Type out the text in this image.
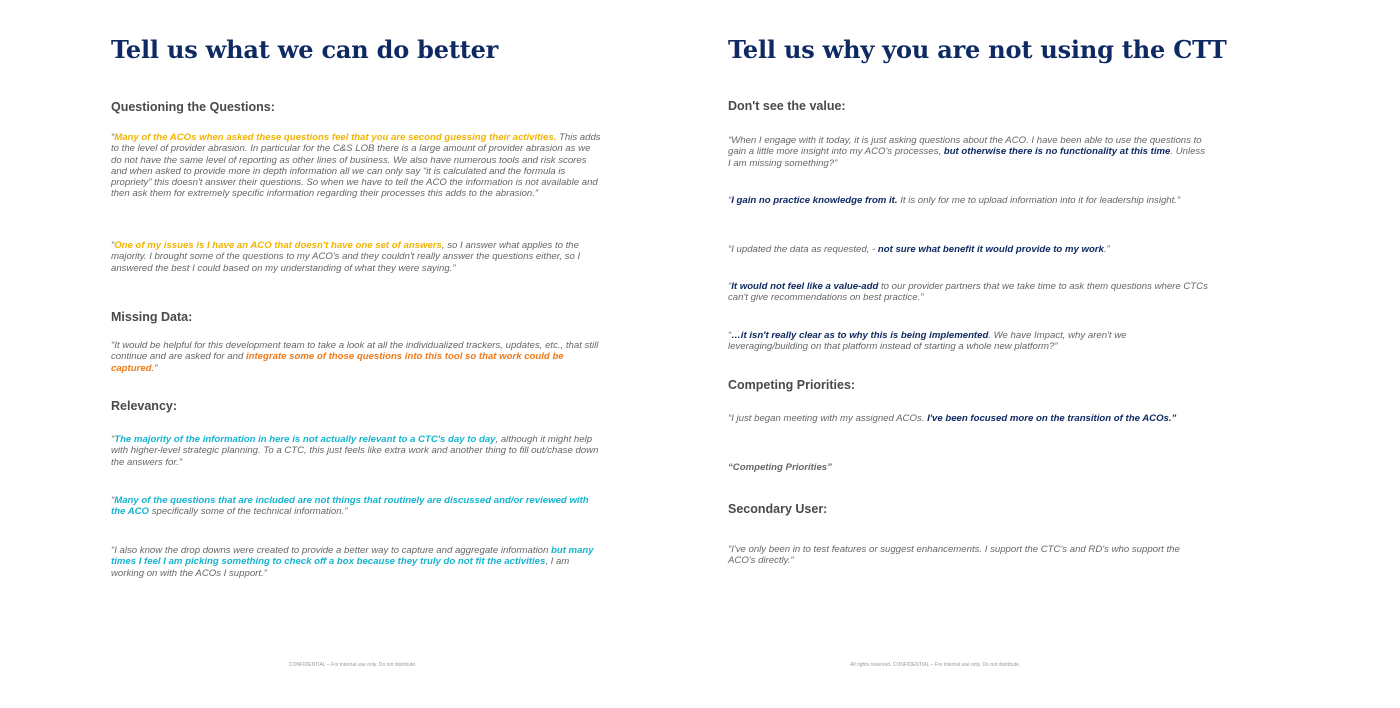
Tell us what we can do better
Questioning the Questions:

“Many of the ACOs when asked these questions feel that you are second guessing their activities. This adds to the level of provider abrasion. In particular for the C&S LOB there is a large amount of provider abrasion as we do not have the same level of reporting as other lines of business. We also have numerous tools and risk scores and when asked to provide more in depth information all we can only say “it is calculated and the formula is propriety” this doesn't answer their questions. So when we have to tell the ACO the information is not available and then ask them for extremely specific information regarding their processes this adds to the abrasion.”

“One of my issues is I have an ACO that doesn't have one set of answers, so I answer what applies to the majority. I brought some of the questions to my ACO's and they couldn't really answer the questions either, so I answered the best I could based on my understanding of what they were saying.”

Missing Data:

“It would be helpful for this development team to take a look at all the individualized trackers, updates, etc., that still continue and are asked for and integrate some of those questions into this tool so that work could be captured.”

Relevancy:

“The majority of the information in here is not actually relevant to a CTC's day to day, although it might help with higher-level strategic planning. To a CTC, this just feels like extra work and another thing to fill out/chase down the answers for.”

“Many of the questions that are included are not things that routinely are discussed and/or reviewed with the ACO specifically some of the technical information.”

“I also know the drop downs were created to provide a better way to capture and aggregate information but many times I feel I am picking something to check off a box because they truly do not fit the activities, I am working on with the ACOs I support.”

CONFIDENTIAL – For internal use only. Do not distribute.

Tell us why you are not using the CTT
Don't see the value:

“When I engage with it today, it is just asking questions about the ACO. I have been able to use the questions to gain a little more insight into my ACO's processes, but otherwise there is no functionality at this time. Unless I am missing something?”

“I gain no practice knowledge from it. It is only for me to upload information into it for leadership insight.”

“I updated the data as requested, - not sure what benefit it would provide to my work.”

“It would not feel like a value-add to our provider partners that we take time to ask them questions where CTCs can't give recommendations on best practice.”

“…it isn't really clear as to why this is being implemented. We have Impact, why aren't we leveraging/building on that platform instead of starting a whole new platform?”

Competing Priorities:

“I just began meeting with my assigned ACOs. I've been focused more on the transition of the ACOs.”

“Competing Priorities”

Secondary User:

“I've only been in to test features or suggest enhancements. I support the CTC's and RD's who support the ACO's directly.”

All rights reserved. CONFIDENTIAL – For internal use only. Do not distribute.
